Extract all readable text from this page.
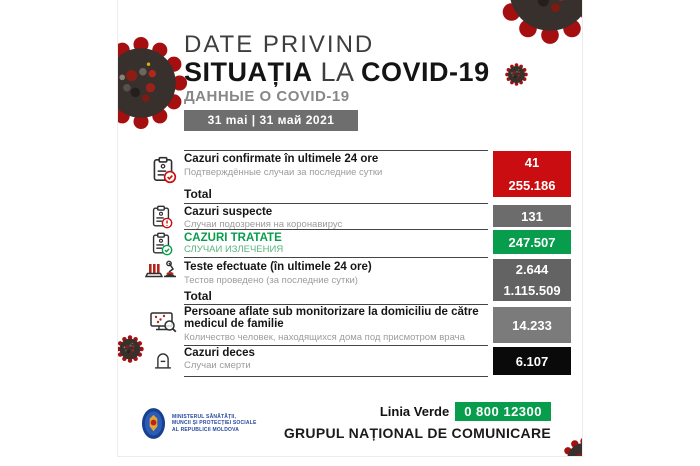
DATE PRIVIND
SITUAȚIA LA COVID-19
ДАННЫЕ О COVID-19
31 mai | 31 май 2021
Cazuri confirmate în ultimele 24 ore
Подтверждённые случаи за последние сутки
Total
41
255.186
Cazuri suspecte
Случаи подозрения на коронавирус
131
CAZURI TRATATE
СЛУЧАИ ИЗЛЕЧЕНИЯ	247.507
Teste efectuate (în ultimele 24 ore)
Тестов проведено (за последние сутки)
Total
2.644
1.115.509
Persoane aflate sub monitorizare la domiciliu de către medicul de familie
Количество человек, находящихся дома под присмотром врача
14.233
Cazuri deces
Случаи смерти	6.107
MINISTERUL SĂNĂTĂȚII,
MUNCII ȘI PROTECȚIEI SOCIALE
AL REPUBLICII MOLDOVA
Linia Verde 0 800 12300
GRUPUL NAȚIONAL DE COMUNICARE
